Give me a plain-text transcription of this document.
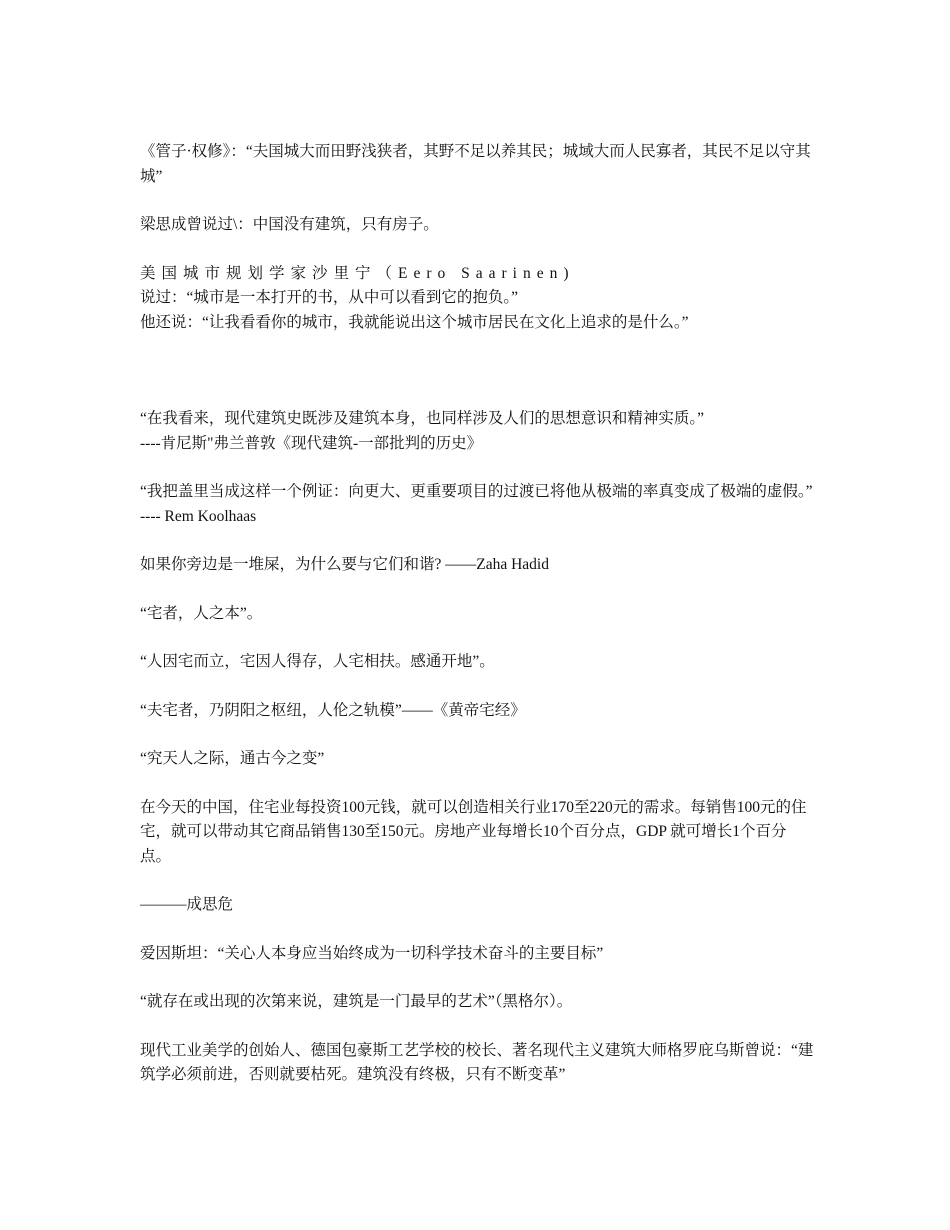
《管子·权修》：“夫国城大而田野浅狭者，其野不足以养其民；城域大而人民寡者，其民不足以守其城”

梁思成曾说过\：中国没有建筑，只有房子。

美国城市规划学家沙里宁（Eero Saarinen)

说过：“城市是一本打开的书，从中可以看到它的抱负。”

他还说：“让我看看你的城市，我就能说出这个城市居民在文化上追求的是什么。”

“在我看来，现代建筑史既涉及建筑本身，也同样涉及人们的思想意识和精神实质。”

----肯尼斯"弗兰普敦《现代建筑-一部批判的历史》

“我把盖里当成这样一个例证：向更大、更重要项目的过渡已将他从极端的率真变成了极端的虚假。”

---- Rem Koolhaas

如果你旁边是一堆屎，为什么要与它们和谐? ——Zaha Hadid

“宅者，人之本”。

“人因宅而立，宅因人得存，人宅相扶。感通开地”。

“夫宅者，乃阴阳之枢纽，人伦之轨模”——《黄帝宅经》

“究天人之际，通古今之变”

在今天的中国，住宅业每投资100元钱，就可以创造相关行业170至220元的需求。每销售100元的住宅，就可以带动其它商品销售130至150元。房地产业每增长10个百分点，GDP 就可增长1个百分点。

———成思危

爱因斯坦：“关心人本身应当始终成为一切科学技术奋斗的主要目标”

“就存在或出现的次第来说，建筑是一门最早的艺术”（黑格尔）。

现代工业美学的创始人、德国包豪斯工艺学校的校长、著名现代主义建筑大师格罗庇乌斯曾说：“建筑学必须前进，否则就要枯死。建筑没有终极，只有不断变革”
